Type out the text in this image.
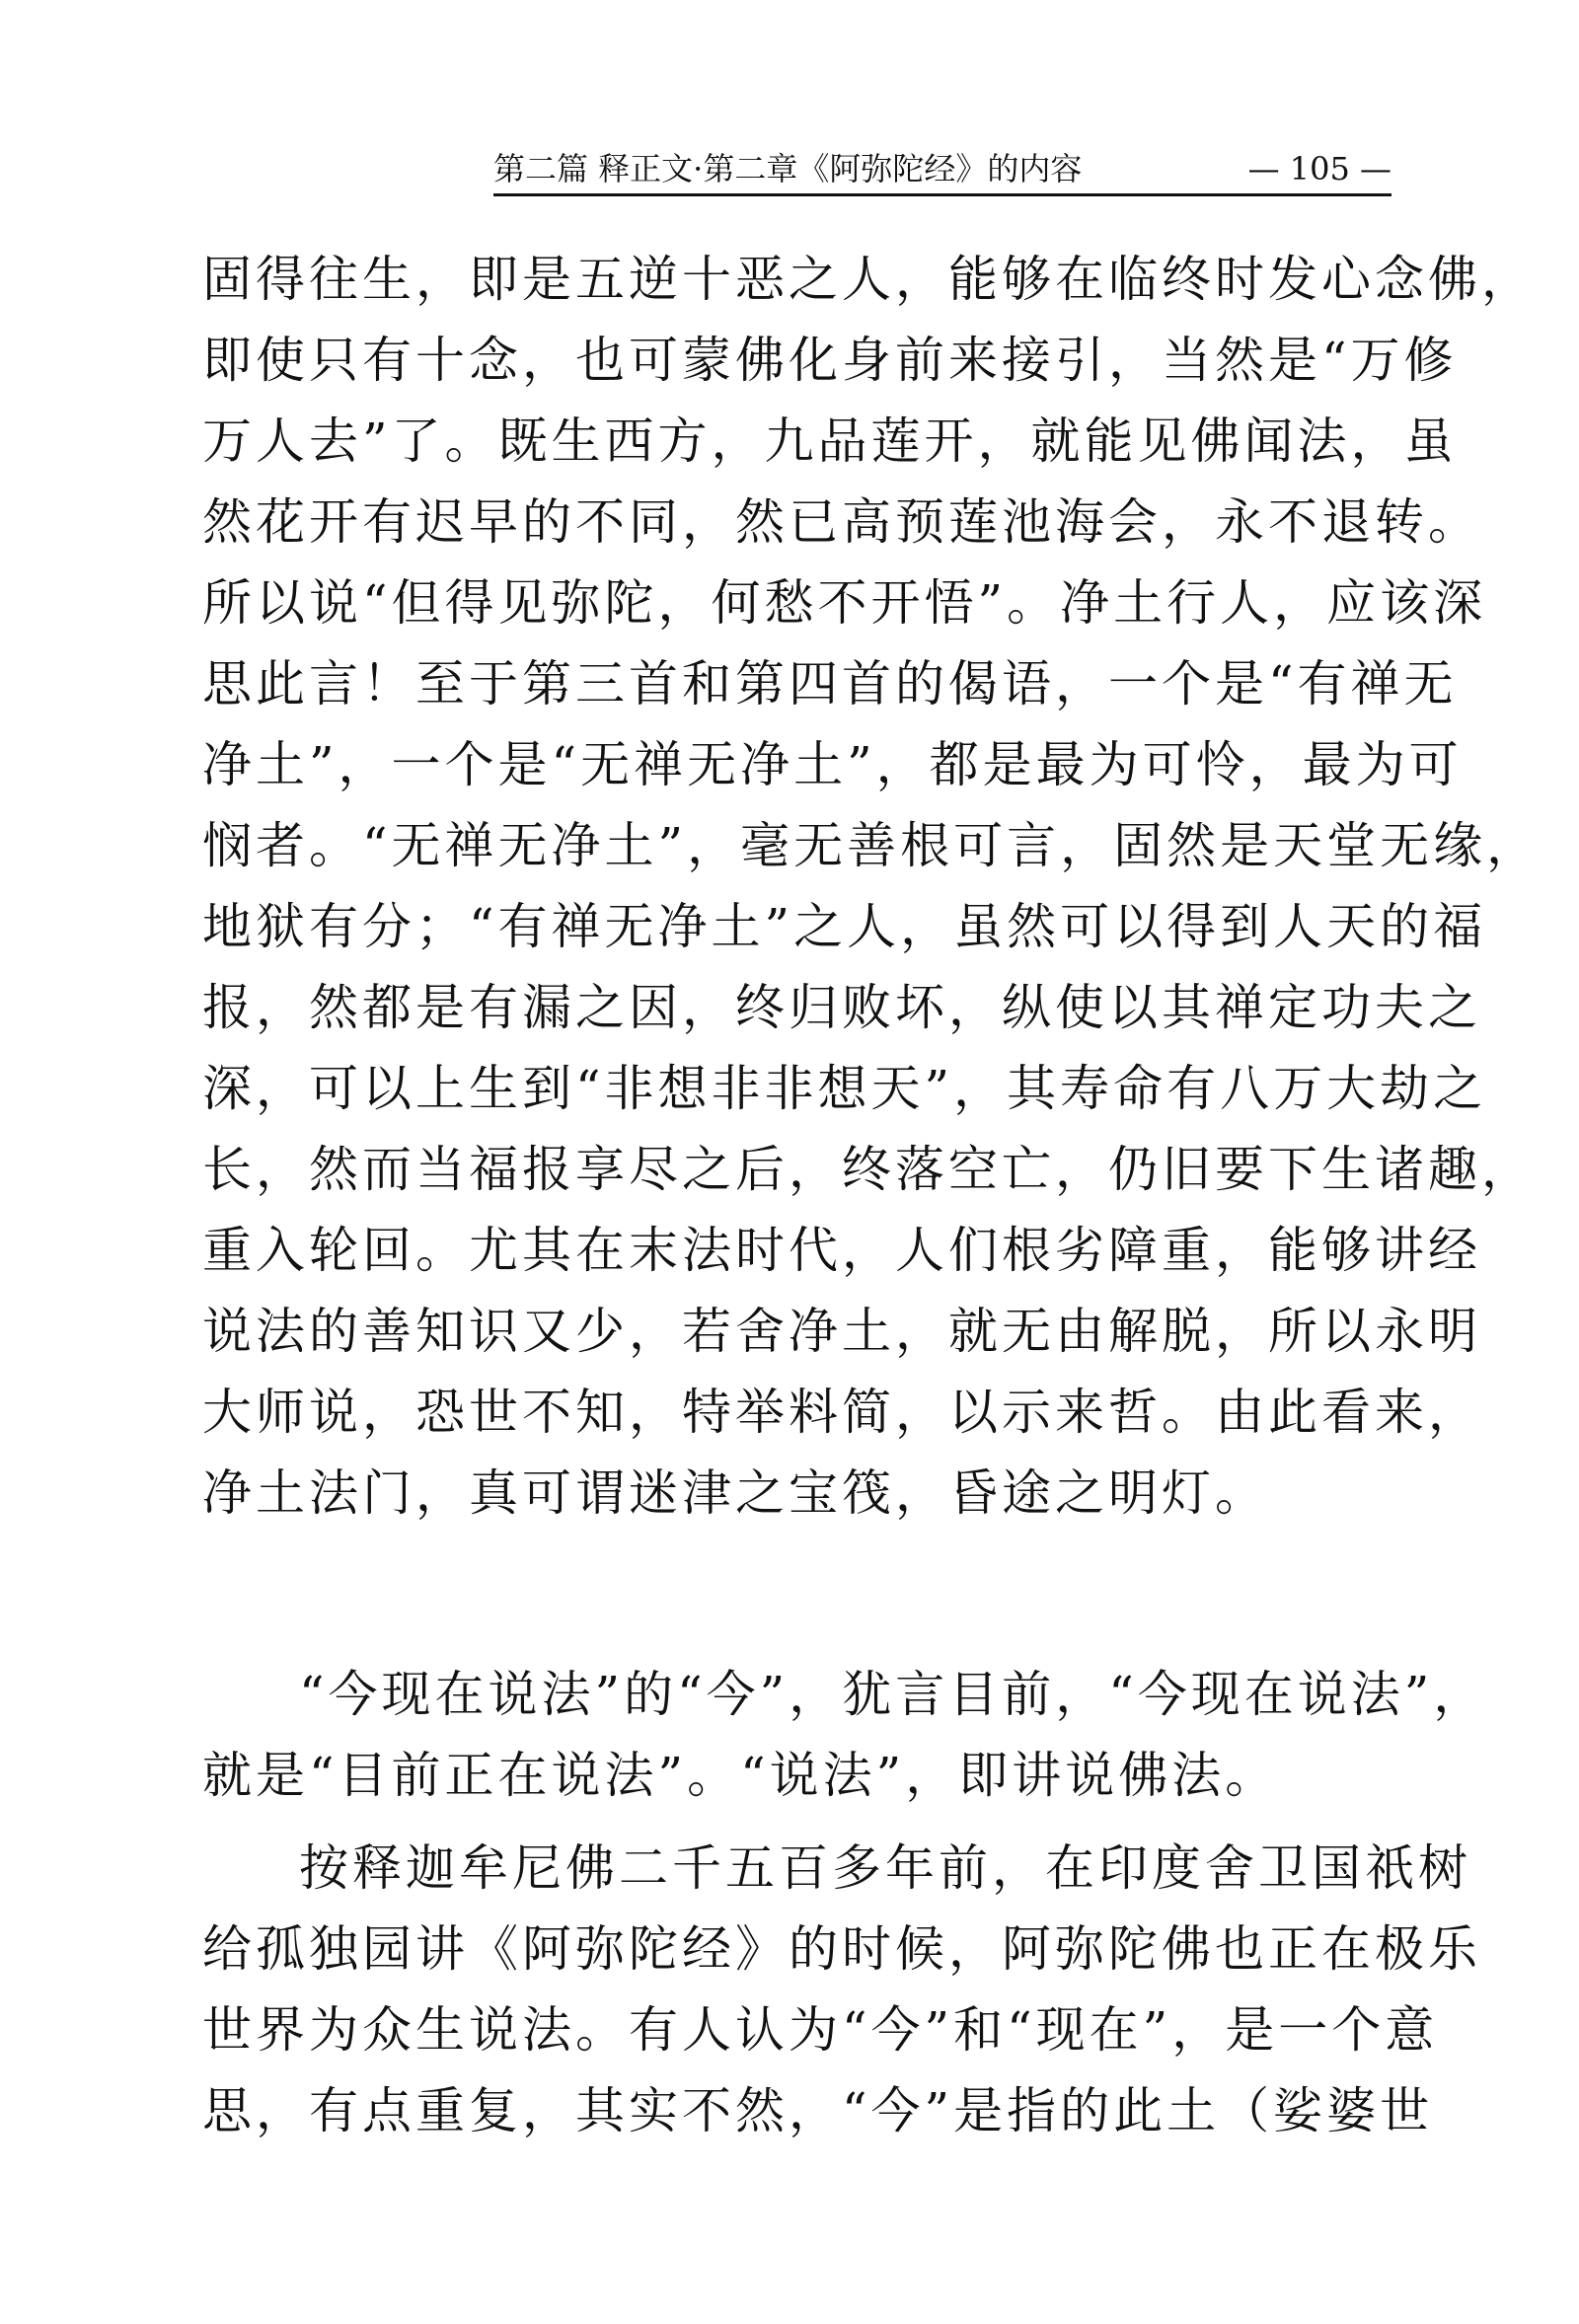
第二篇 释正文·第二章《阿弥陀经》的内容	— 105 —
固得往生，即是五逆十恶之人，能够在临终时发心念佛，
即使只有十念，也可蒙佛化身前来接引，当然是“万修
万人去”了。既生西方，九品莲开，就能见佛闻法，虽
然花开有迟早的不同，然已高预莲池海会，永不退转。
所以说“但得见弥陀，何愁不开悟”。净土行人，应该深
思此言！至于第三首和第四首的偈语，一个是“有禅无
净土”，一个是“无禅无净土”，都是最为可怜，最为可
悯者。“无禅无净土”，毫无善根可言，固然是天堂无缘，
地狱有分；“有禅无净土”之人，虽然可以得到人天的福
报，然都是有漏之因，终归败坏，纵使以其禅定功夫之
深，可以上生到“非想非非想天”，其寿命有八万大劫之
长，然而当福报享尽之后，终落空亡，仍旧要下生诸趣，
重入轮回。尤其在末法时代，人们根劣障重，能够讲经
说法的善知识又少，若舍净土，就无由解脱，所以永明
大师说，恐世不知，特举料简，以示来哲。由此看来，
净土法门，真可谓迷津之宝筏，昏途之明灯。
“今现在说法”的“今”，犹言目前，“今现在说法”，
就是“目前正在说法”。“说法”，即讲说佛法。
按释迦牟尼佛二千五百多年前，在印度舍卫国祇树
给孤独园讲《阿弥陀经》的时候，阿弥陀佛也正在极乐
世界为众生说法。有人认为“今”和“现在”，是一个意
思，有点重复，其实不然，“今”是指的此土（娑婆世
